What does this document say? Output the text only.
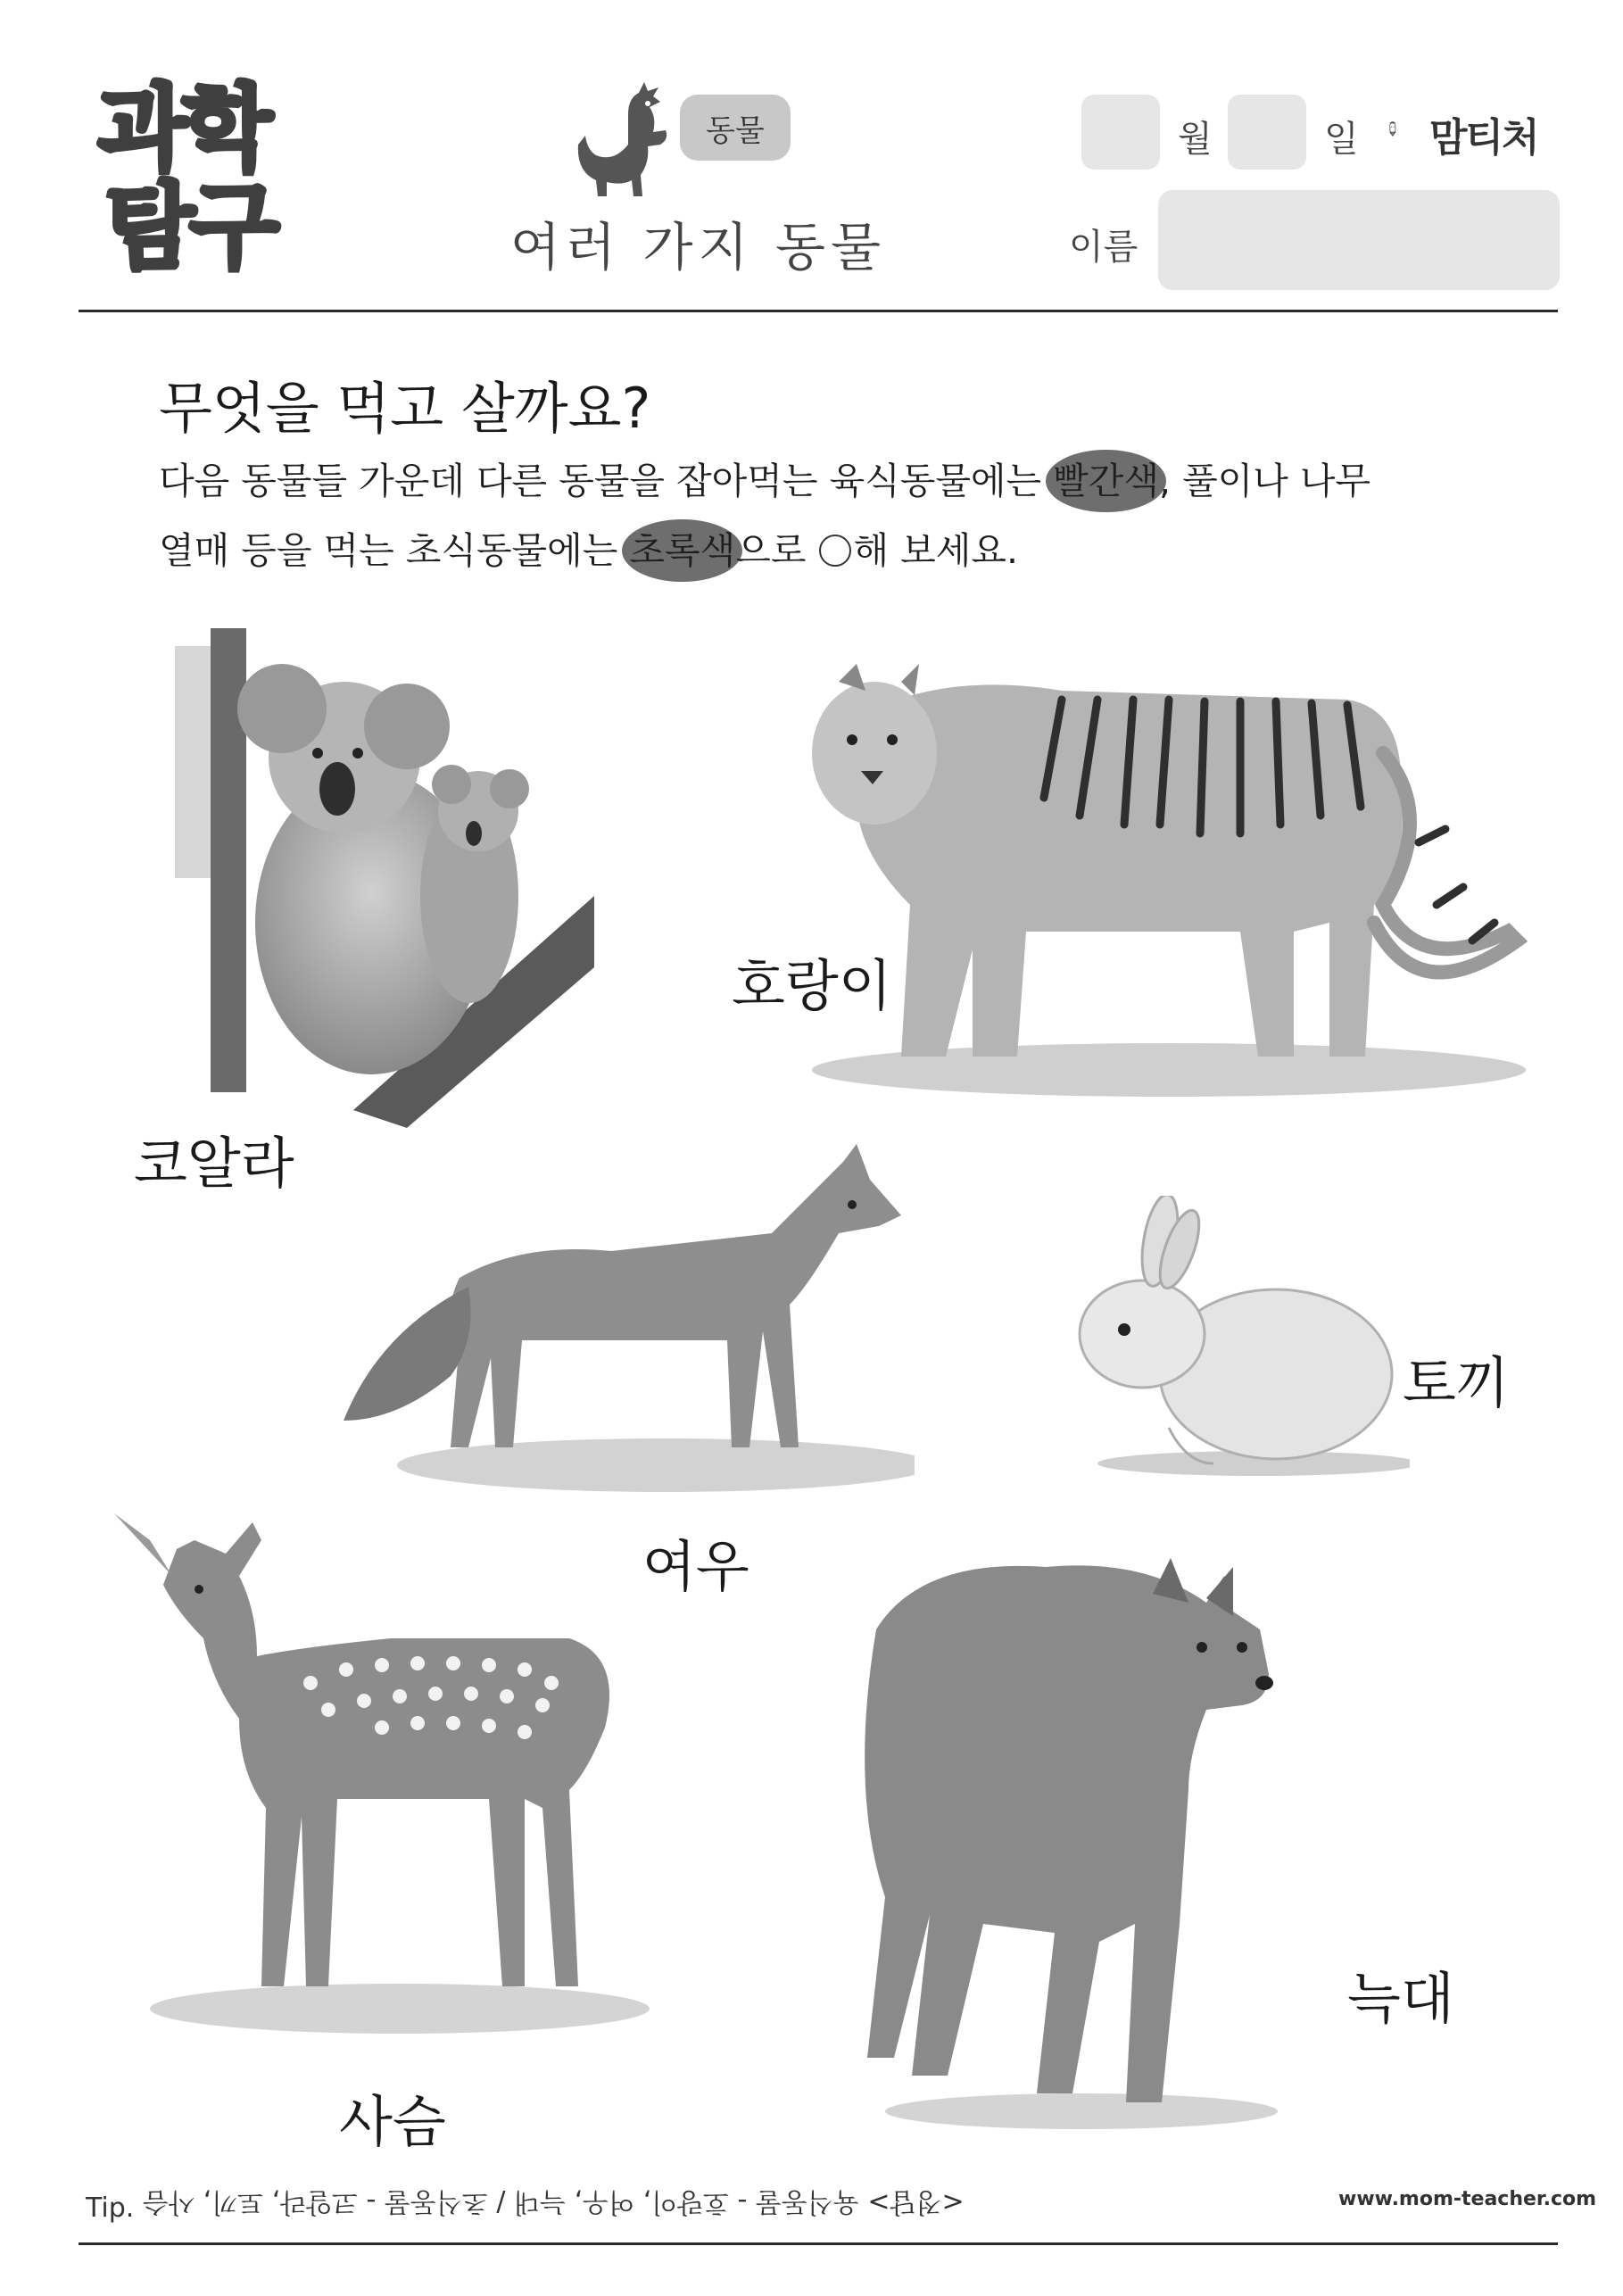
과학
탐구
동물
여러 가지 동물
월	일 맘티처
이름
무엇을 먹고 살까요?
다음 동물들 가운데 다른 동물을 잡아먹는 육식동물에는 빨간색, 풀이나 나무
열매 등을 먹는 초식동물에는 초록색으로 해 보세요.
코알라
호랑이
여우
토끼
사슴
늑대
Tip. <정답> 육식동물 - 호랑이, 여우, 늑대 / 초식동물 - 코알라, 토끼, 사슴	www.mom-teacher.com
